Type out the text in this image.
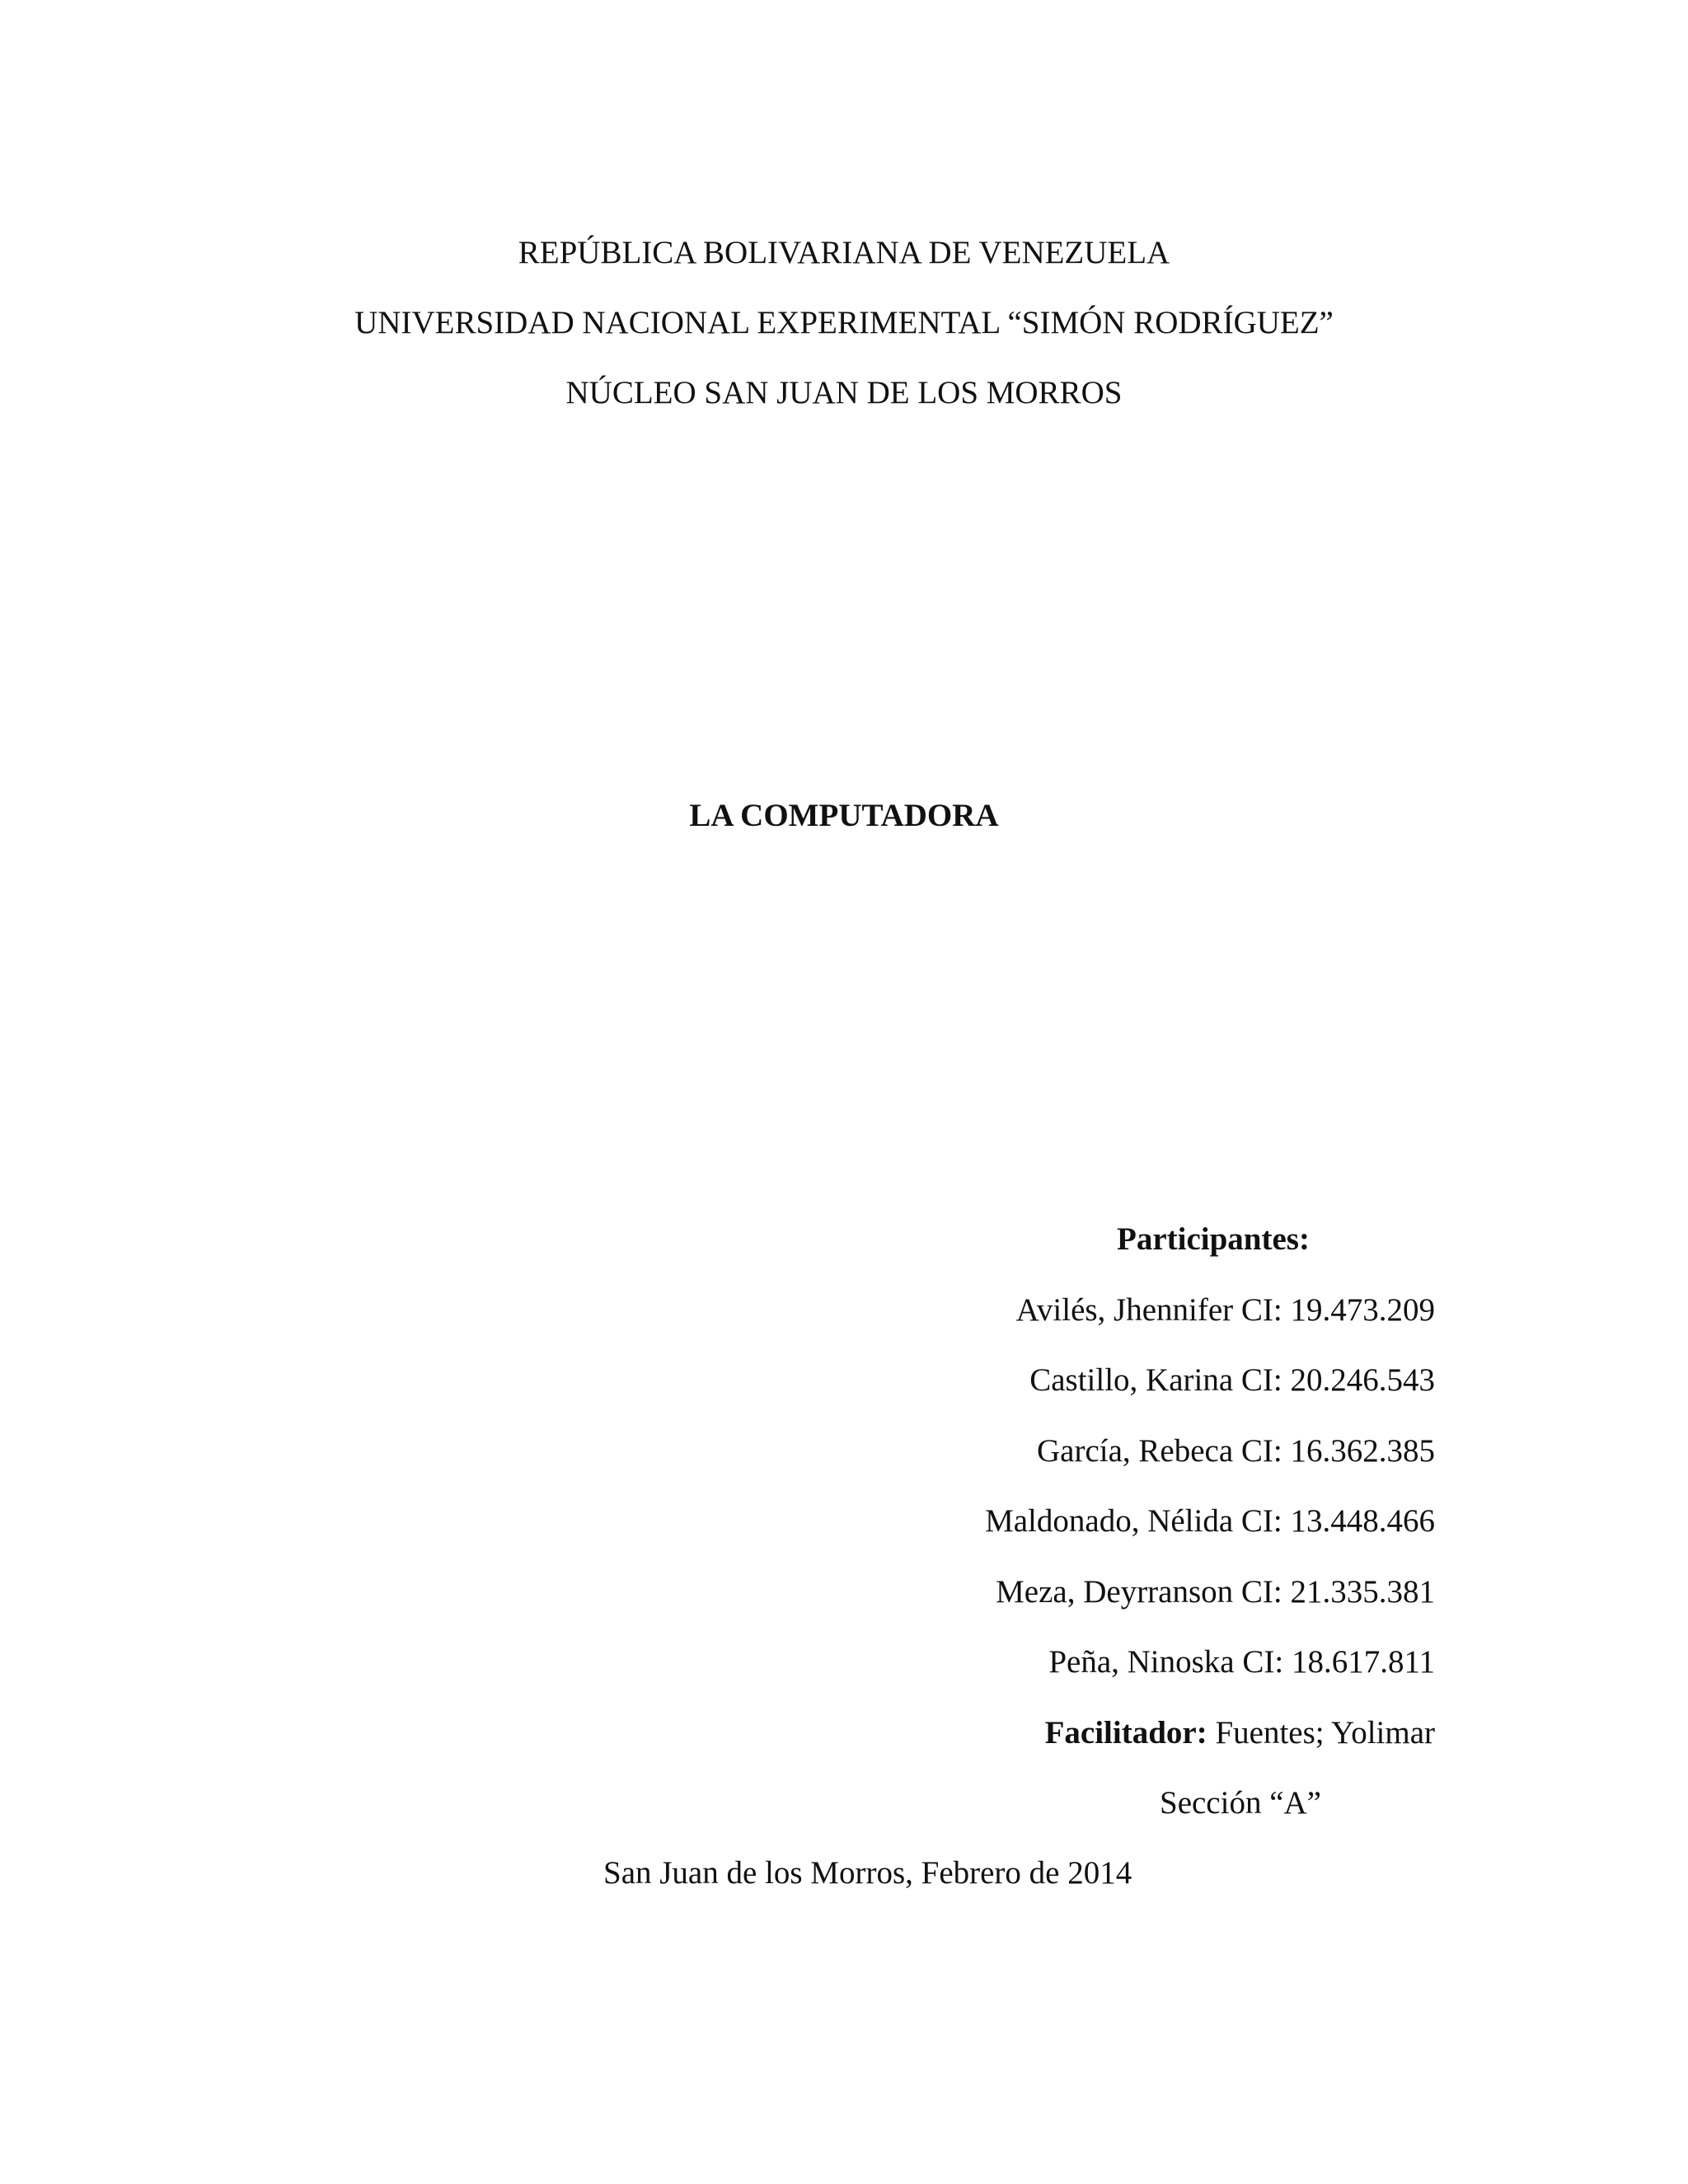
REPÚBLICA BOLIVARIANA DE VENEZUELA
UNIVERSIDAD NACIONAL EXPERIMENTAL “SIMÓN RODRÍGUEZ”
NÚCLEO SAN JUAN DE LOS MORROS
LA COMPUTADORA
Participantes:
Avilés, Jhennifer CI: 19.473.209
Castillo, Karina CI: 20.246.543
García, Rebeca CI: 16.362.385
Maldonado, Nélida CI: 13.448.466
Meza, Deyrranson CI: 21.335.381
Peña, Ninoska CI: 18.617.811
Facilitador: Fuentes; Yolimar
Sección “A”
San Juan de los Morros, Febrero de 2014
